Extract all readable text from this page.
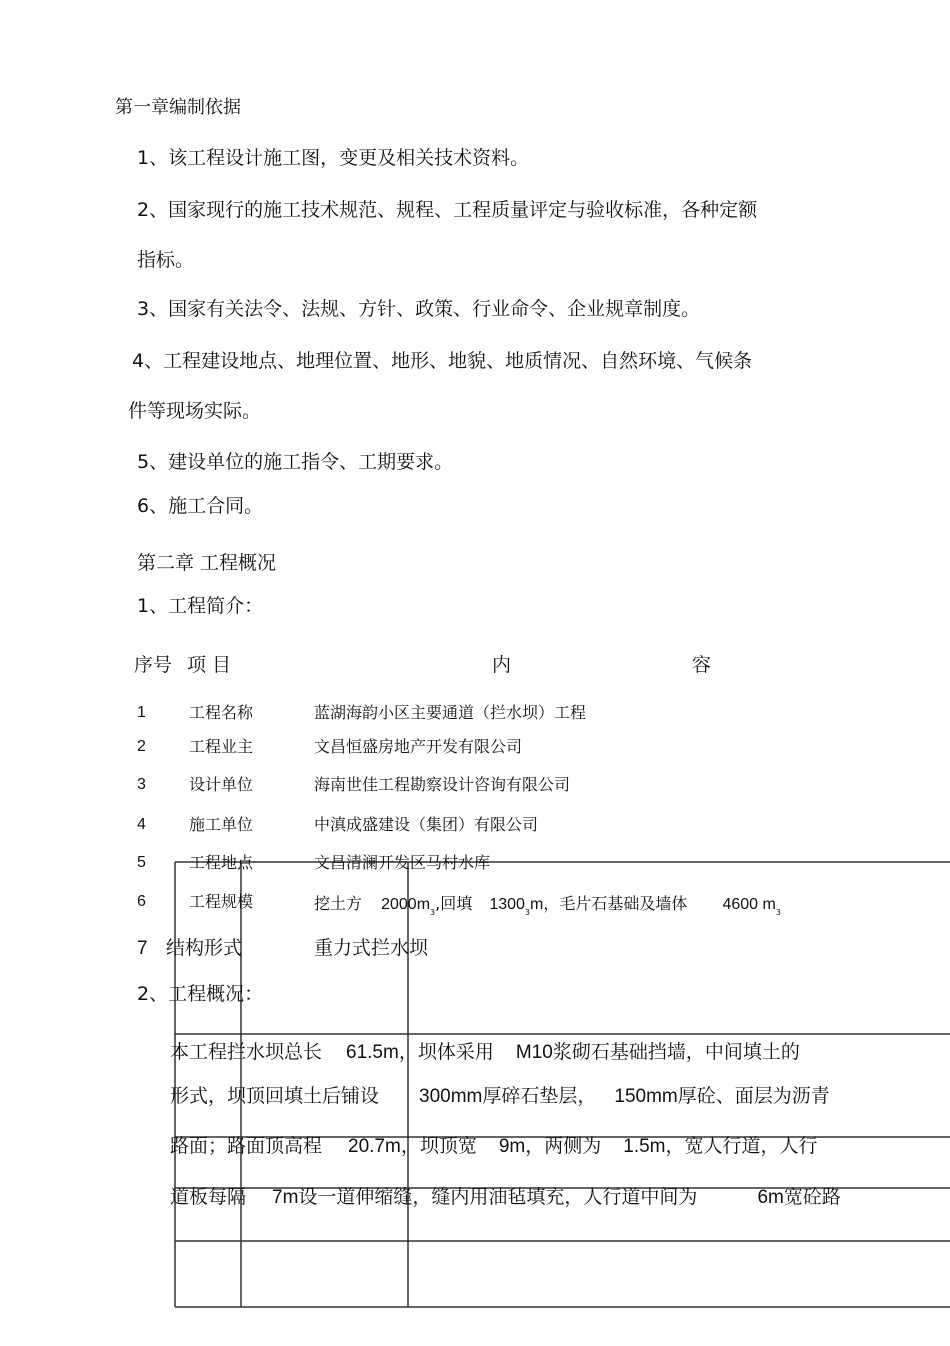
第一章编制依据
1、该工程设计施工图，变更及相关技术资料。
2、国家现行的施工技术规范、规程、工程质量评定与验收标准，各种定额
指标。
3、国家有关法令、法规、方针、政策、行业命令、企业规章制度。
4、工程建设地点、地理位置、地形、地貌、地质情况、自然环境、气候条
件等现场实际。
5、建设单位的施工指令、工期要求。
6、施工合同。
第二章 工程概况
1、工程简介：
序号 项 目	内	容
1	工程名称	蓝湖海韵小区主要通道（拦水坝）工程
2	工程业主	文昌恒盛房地产开发有限公司
3	设计单位	海南世佳工程勘察设计咨询有限公司
4	施工单位	中滇成盛建设（集团）有限公司
5	工程地点	文昌清澜开发区马村水库
6	工程规模	挖土方 $2000m_3$,回填 $1300_3m$，毛片石基础及墙体 4600 $m_3$
7 结构形式	重力式拦水坝
2、工程概况：
本工程拦水坝总长 61.5m，坝体采用 M10浆砌石基础挡墙，中间填土的
形式，坝顶回填土后铺设 300mm厚碎石垫层， 150mm厚砼、面层为沥青
路面；路面顶高程 20.7m，坝顶宽 9m，两侧为 1.5m，宽人行道，人行
道板每隔 7m设一道伸缩缝，缝内用油毡填充，人行道中间为	6m宽砼路
